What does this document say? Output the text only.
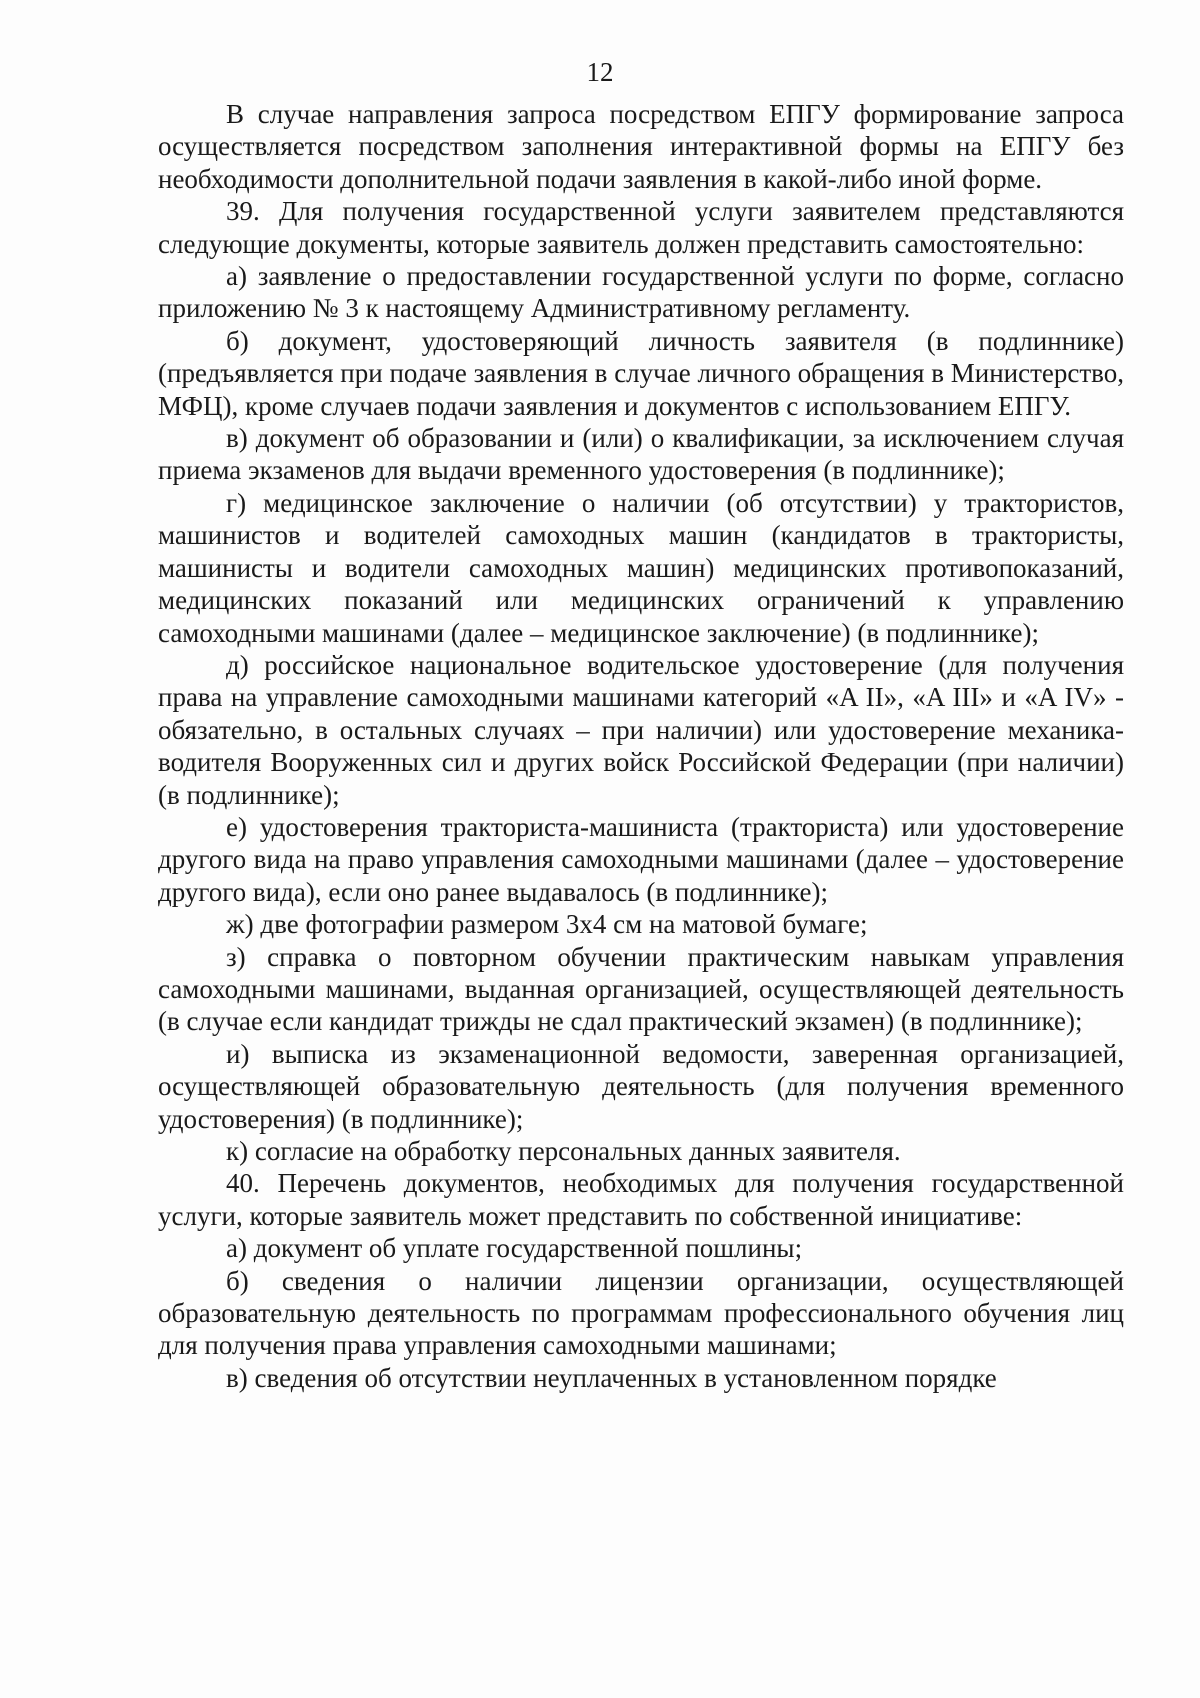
12

В случае направления запроса посредством ЕПГУ формирование запроса осуществляется посредством заполнения интерактивной формы на ЕПГУ без необходимости дополнительной подачи заявления в какой-либо иной форме.

39. Для получения государственной услуги заявителем представляются следующие документы, которые заявитель должен представить самостоятельно:

а) заявление о предоставлении государственной услуги по форме, согласно приложению № 3 к настоящему Административному регламенту.

б) документ, удостоверяющий личность заявителя (в подлиннике) (предъявляется при подаче заявления в случае личного обращения в Министерство, МФЦ), кроме случаев подачи заявления и документов с использованием ЕПГУ.

в) документ об образовании и (или) о квалификации, за исключением случая приема экзаменов для выдачи временного удостоверения (в подлиннике);

г) медицинское заключение о наличии (об отсутствии) у трактористов, машинистов и водителей самоходных машин (кандидатов в трактористы, машинисты и водители самоходных машин) медицинских противопоказаний, медицинских показаний или медицинских ограничений к управлению самоходными машинами (далее – медицинское заключение) (в подлиннике);

д) российское национальное водительское удостоверение (для получения права на управление самоходными машинами категорий «A II», «A III» и «A IV» - обязательно, в остальных случаях – при наличии) или удостоверение механика-водителя Вооруженных сил и других войск Российской Федерации (при наличии) (в подлиннике);

е) удостоверения тракториста-машиниста (тракториста) или удостоверение другого вида на право управления самоходными машинами (далее – удостоверение другого вида), если оно ранее выдавалось (в подлиннике);

ж) две фотографии размером 3х4 см на матовой бумаге;

з) справка о повторном обучении практическим навыкам управления самоходными машинами, выданная организацией, осуществляющей деятельность (в случае если кандидат трижды не сдал практический экзамен) (в подлиннике);

и) выписка из экзаменационной ведомости, заверенная организацией, осуществляющей образовательную деятельность (для получения временного удостоверения) (в подлиннике);

к) согласие на обработку персональных данных заявителя.

40. Перечень документов, необходимых для получения государственной услуги, которые заявитель может представить по собственной инициативе:

а) документ об уплате государственной пошлины;

б) сведения о наличии лицензии организации, осуществляющей образовательную деятельность по программам профессионального обучения лиц для получения права управления самоходными машинами;

в) сведения об отсутствии неуплаченных в установленном порядке
